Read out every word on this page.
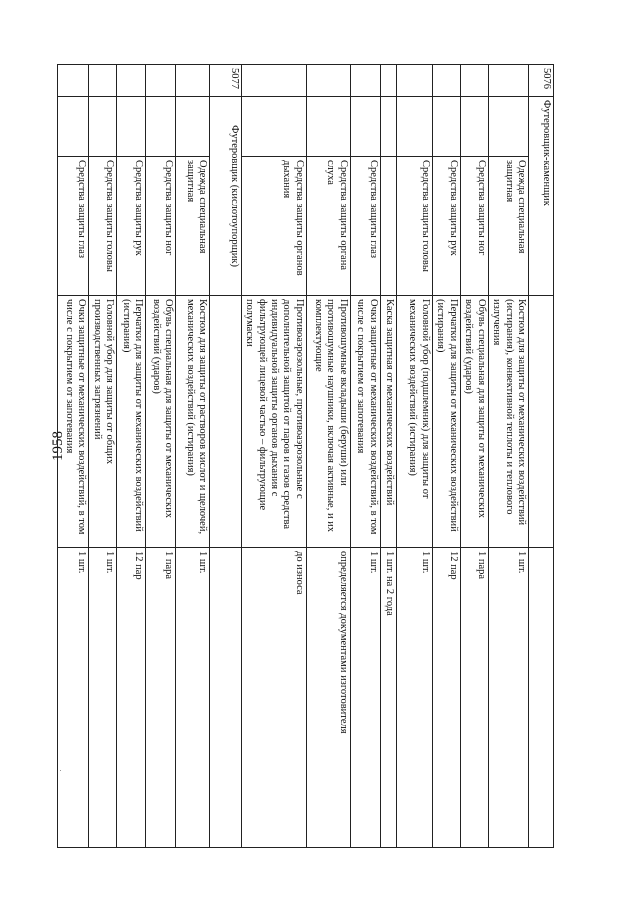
1958
5076	Футеровщик-каменщик			
		Одежда специальная защитная	Костюм для защиты от механических воздействий (истирания), конвективной теплоты и теплового излучения	1 шт.
		Средства защиты ног	Обувь специальная для защиты от механических воздействий (ударов)	1 пара
		Средства защиты рук	Перчатки для защиты от механических воздействий (истирания)	12 пар
		Средства защиты головы	Головной убор (подшлемник) для защиты от механических воздействий (истирания)	1 шт.
			Каска защитная от механических воздействий	1 шт. на 2 года
		Средства защиты глаз	Очки защитные от механических воздействий, в том числе с покрытием от запотевания	1 шт.
		Средства защиты органа слуха	Противошумные вкладыши (беруши) или противошумные наушники, включая активные, и их комплектующие	определяется документами изготовителя
		Средства защиты органов дыхания	Противоаэрозольные, противоаэрозольные с дополнительной защитой от паров и газов средства индивидуальной защиты органов дыхания с фильтрующей лицевой частью – фильтрующие полумаски	до износа
5077	Футеровщик (кислотоупорщик)			
		Одежда специальная защитная	Костюм для защиты от растворов кислот и щелочей, механических воздействий (истирания)	1 шт.
		Средства защиты ног	Обувь специальная для защиты от механических воздействий (ударов)	1 пара
		Средства защиты рук	Перчатки для защиты от механических воздействий (истирания)	12 пар
		Средства защиты головы	Головной убор для защиты от общих производственных загрязнений	1 шт.
		Средства защиты глаз	Очки защитные от механических воздействий, в том числе с покрытием от запотевания	1 шт.
